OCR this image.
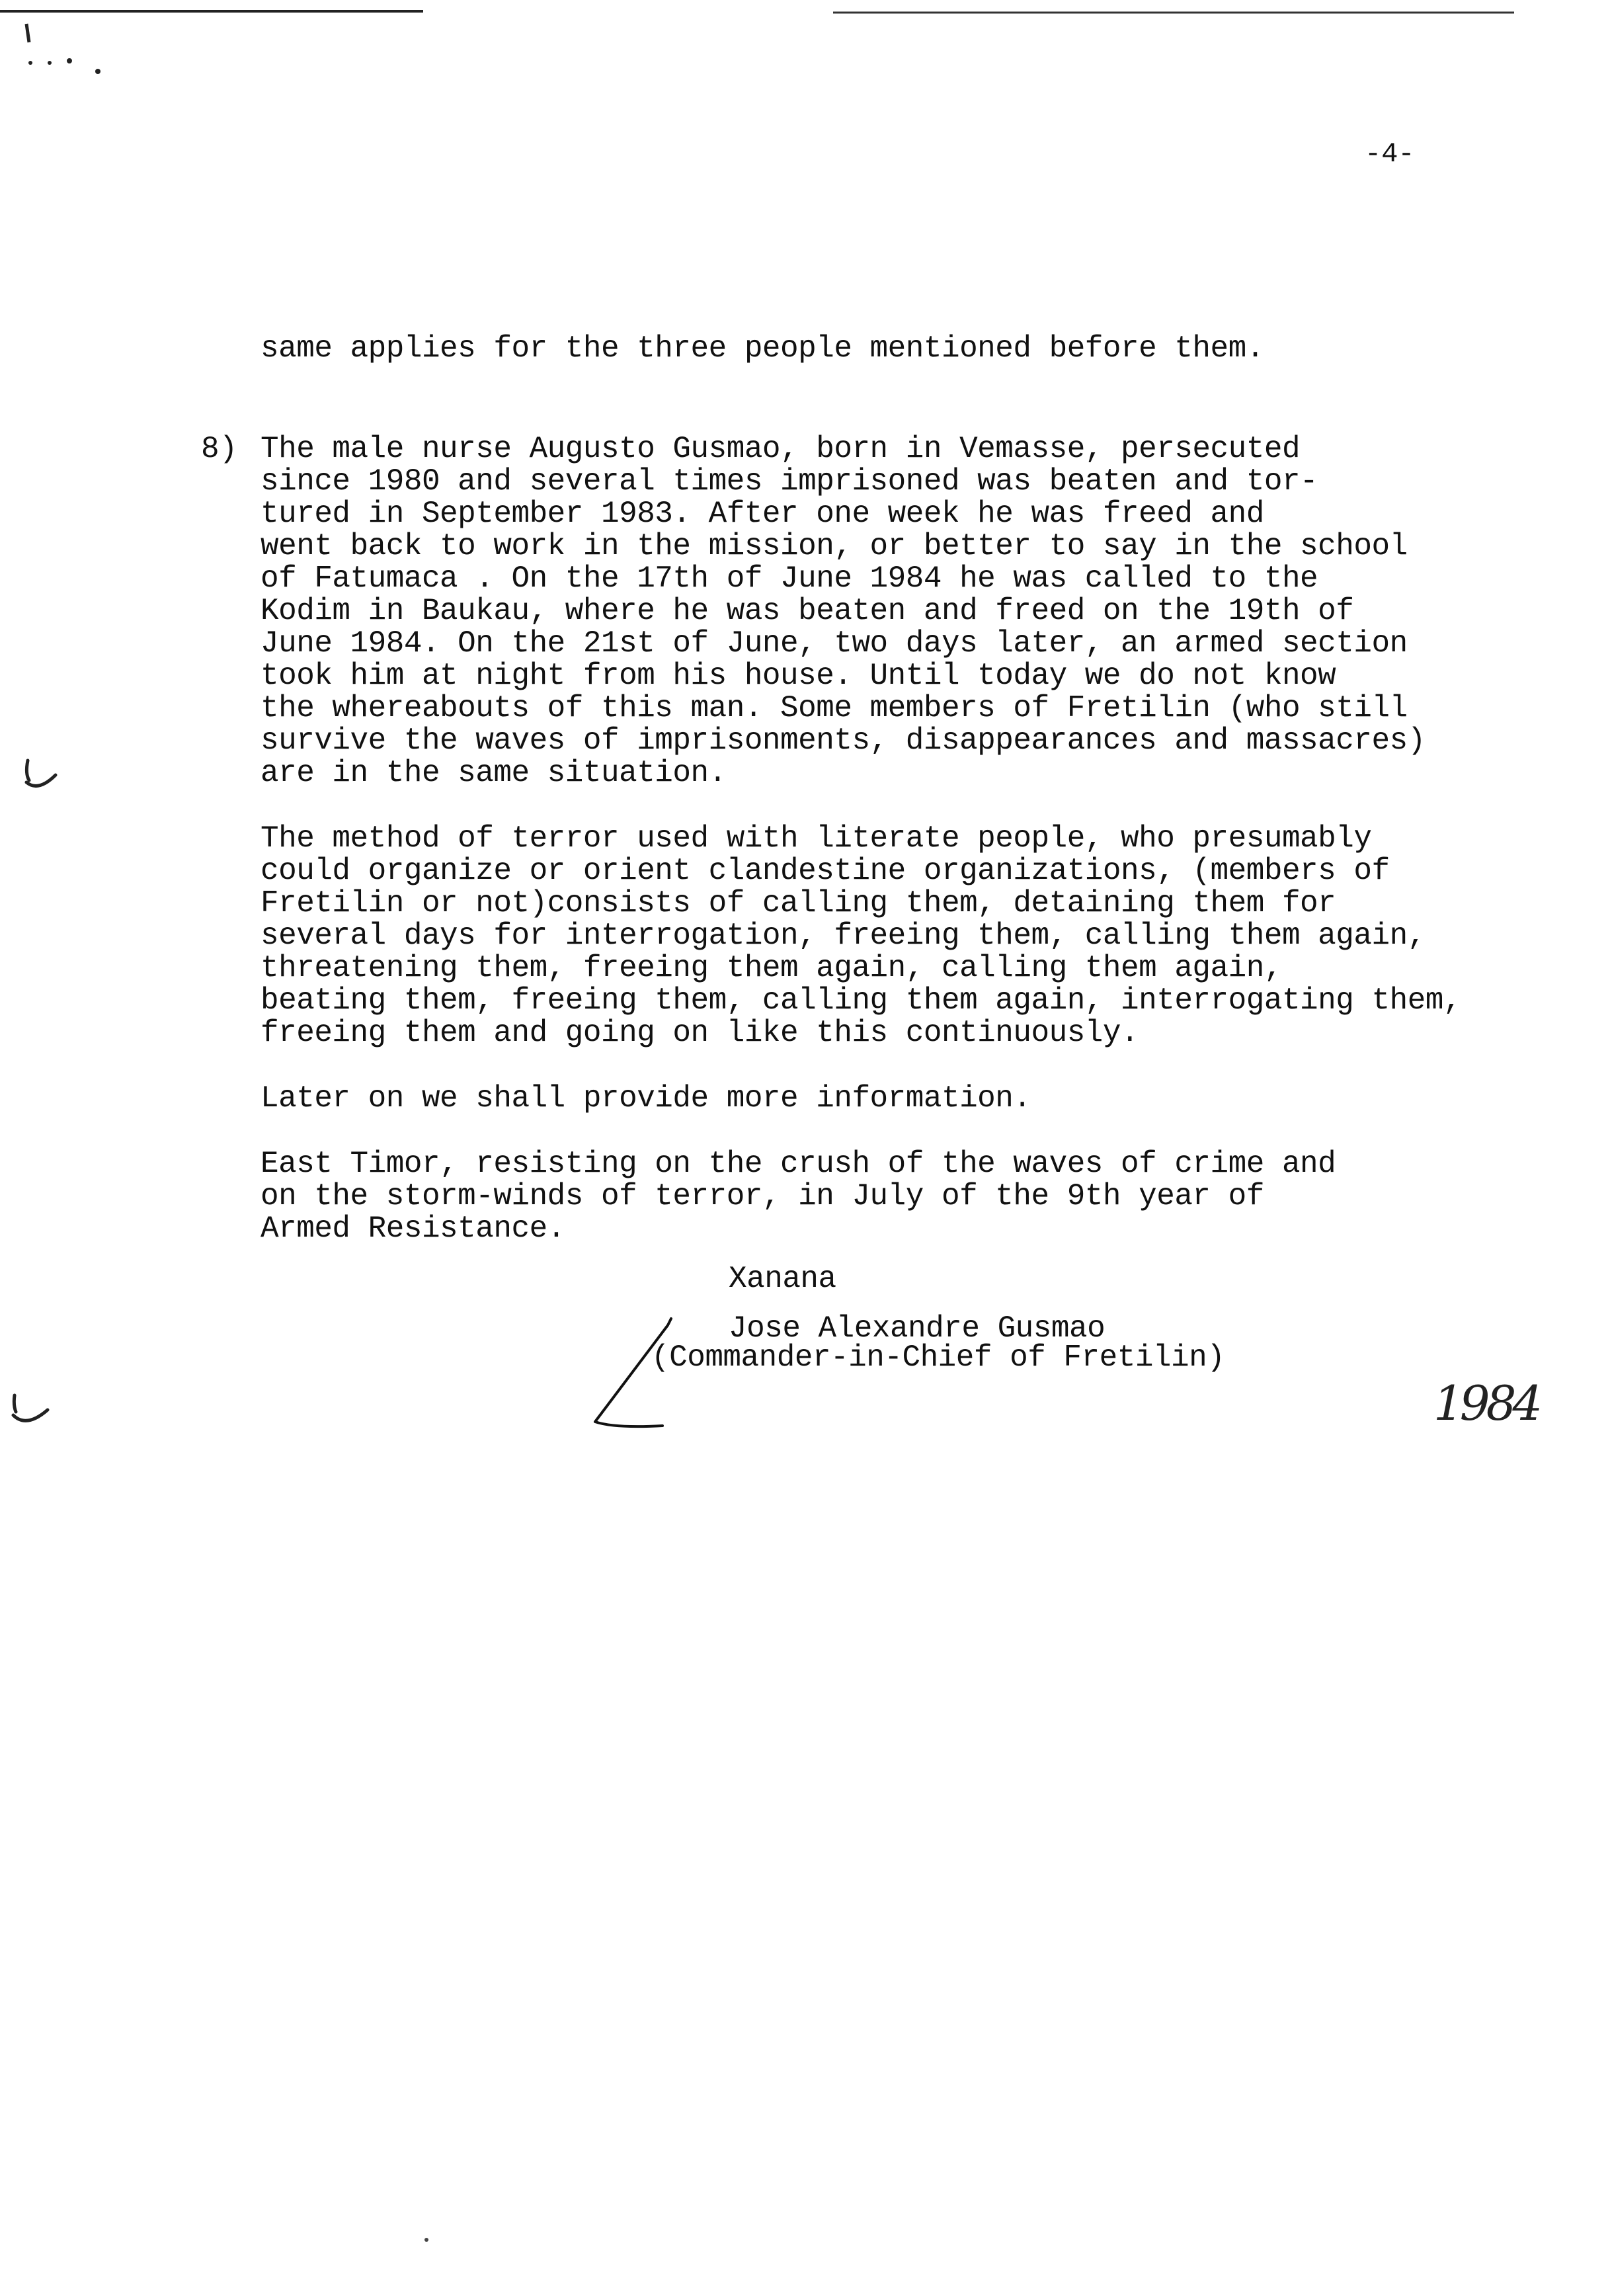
-4-
same applies for the three people mentioned before them.
8) The male nurse Augusto Gusmao, born in Vemasse, persecuted
since 1980 and several times imprisoned was beaten and tor-
tured in September 1983. After one week he was freed and
went back to work in the mission, or better to say in the school
of Fatumaca . On the 17th of June 1984 he was called to the
Kodim in Baukau, where he was beaten and freed on the 19th of
June 1984. On the 21st of June, two days later, an armed section
took him at night from his house. Until today we do not know
the whereabouts of this man. Some members of Fretilin (who still
survive the waves of imprisonments, disappearances and massacres)
are in the same situation.
The method of terror used with literate people, who presumably
could organize or orient clandestine organizations, (members of
Fretilin or not)consists of calling them, detaining them for
several days for interrogation, freeing them, calling them again,
threatening them, freeing them again, calling them again,
beating them, freeing them, calling them again, interrogating them,
freeing them and going on like this continuously.
Later on we shall provide more information.
East Timor, resisting on the crush of the waves of crime and
on the storm-winds of terror, in July of the 9th year of
Armed Resistance.
Xanana
Jose Alexandre Gusmao
(Commander-in-Chief of Fretilin)
1984
